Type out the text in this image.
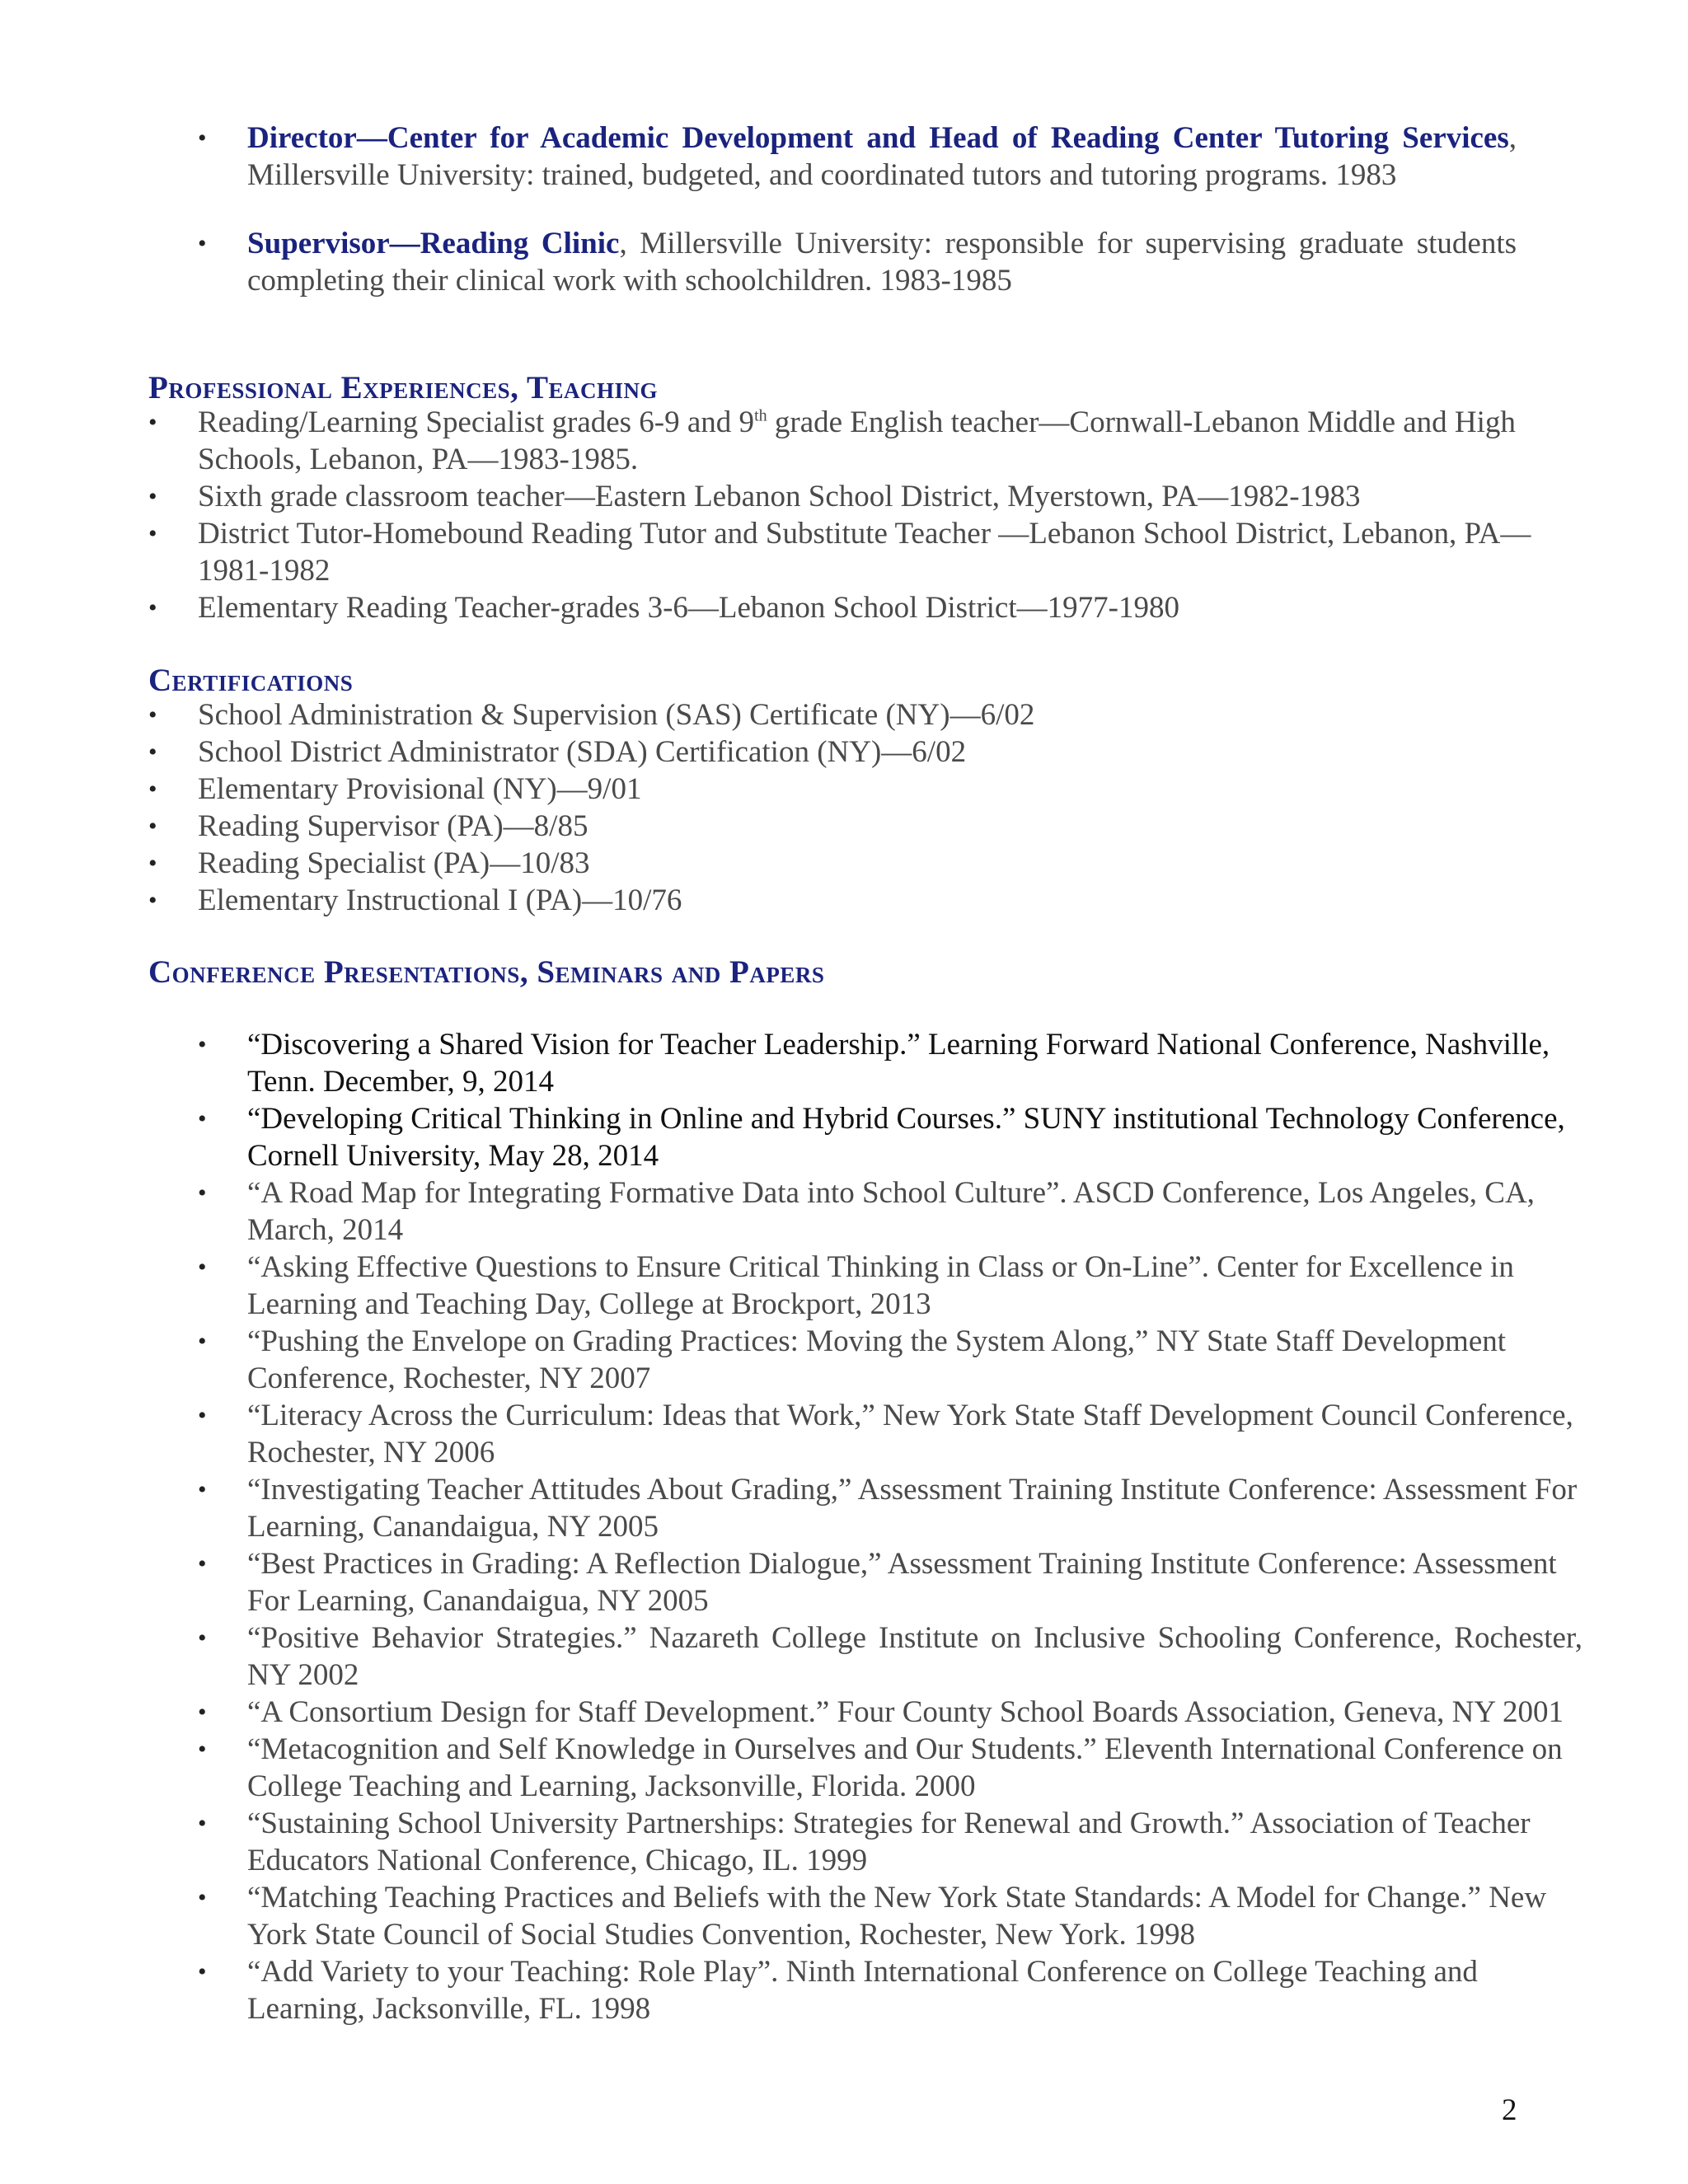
• Director—Center for Academic Development and Head of Reading Center Tutoring Services, Millersville University: trained, budgeted, and coordinated tutors and tutoring programs. 1983
• Supervisor—Reading Clinic, Millersville University: responsible for supervising graduate students completing their clinical work with schoolchildren. 1983-1985
Professional Experiences, Teaching
• Reading/Learning Specialist grades 6-9 and 9th grade English teacher—Cornwall-Lebanon Middle and High Schools, Lebanon, PA—1983-1985.
• Sixth grade classroom teacher—Eastern Lebanon School District, Myerstown, PA—1982-1983
• District Tutor-Homebound Reading Tutor and Substitute Teacher —Lebanon School District, Lebanon, PA—1981-1982
• Elementary Reading Teacher-grades 3-6—Lebanon School District—1977-1980
Certifications
• School Administration & Supervision (SAS) Certificate (NY)—6/02
• School District Administrator (SDA) Certification (NY)—6/02
• Elementary Provisional (NY)—9/01
• Reading Supervisor (PA)—8/85
• Reading Specialist (PA)—10/83
• Elementary Instructional I (PA)—10/76
Conference Presentations, Seminars and Papers
• “Discovering a Shared Vision for Teacher Leadership.” Learning Forward National Conference, Nashville, Tenn. December, 9, 2014
• “Developing Critical Thinking in Online and Hybrid Courses.” SUNY institutional Technology Conference, Cornell University, May 28, 2014
• “A Road Map for Integrating Formative Data into School Culture”. ASCD Conference, Los Angeles, CA, March, 2014
• “Asking Effective Questions to Ensure Critical Thinking in Class or On-Line”. Center for Excellence in Learning and Teaching Day, College at Brockport, 2013
• “Pushing the Envelope on Grading Practices: Moving the System Along,” NY State Staff Development Conference, Rochester, NY 2007
• “Literacy Across the Curriculum: Ideas that Work,” New York State Staff Development Council Conference, Rochester, NY 2006
• “Investigating Teacher Attitudes About Grading,” Assessment Training Institute Conference: Assessment For Learning, Canandaigua, NY 2005
• “Best Practices in Grading: A Reflection Dialogue,” Assessment Training Institute Conference: Assessment For Learning, Canandaigua, NY 2005
• “Positive Behavior Strategies.” Nazareth College Institute on Inclusive Schooling Conference, Rochester, NY 2002
• “A Consortium Design for Staff Development.” Four County School Boards Association, Geneva, NY 2001
• “Metacognition and Self Knowledge in Ourselves and Our Students.” Eleventh International Conference on College Teaching and Learning, Jacksonville, Florida. 2000
• “Sustaining School University Partnerships: Strategies for Renewal and Growth.” Association of Teacher Educators National Conference, Chicago, IL. 1999
• “Matching Teaching Practices and Beliefs with the New York State Standards: A Model for Change.” New York State Council of Social Studies Convention, Rochester, New York. 1998
• “Add Variety to your Teaching: Role Play”. Ninth International Conference on College Teaching and Learning, Jacksonville, FL. 1998
2
